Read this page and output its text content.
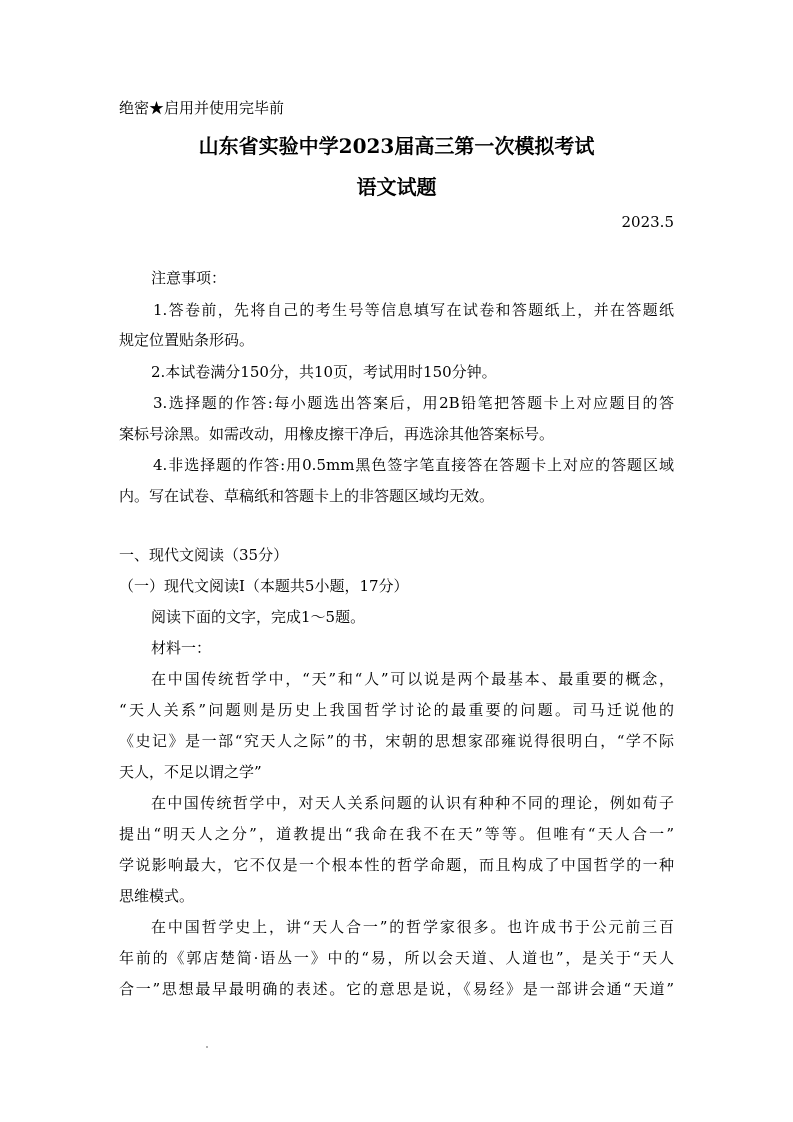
绝密★启用并使用完毕前
山东省实验中学2023届高三第一次模拟考试
语文试题
2023.5
注意事项：
1.答卷前，先将自己的考生号等信息填写在试卷和答题纸上，并在答题纸
规定位置贴条形码。
2.本试卷满分150分，共10页，考试用时150分钟。
3.选择题的作答:每小题选出答案后，用2B铅笔把答题卡上对应题目的答
案标号涂黑。如需改动，用橡皮擦干净后，再选涂其他答案标号。
4.非选择题的作答:用0.5mm黑色签字笔直接答在答题卡上对应的答题区域
内。写在试卷、草稿纸和答题卡上的非答题区域均无效。
一、现代文阅读（35分）
（一）现代文阅读Ⅰ（本题共5小题，17分）
阅读下面的文字，完成1～5题。
材料一：
在中国传统哲学中，“天”和“人”可以说是两个最基本、最重要的概念，
“天人关系”问题则是历史上我国哲学讨论的最重要的问题。司马迁说他的
《史记》是一部“究天人之际”的书，宋朝的思想家邵雍说得很明白，“学不际
天人，不足以谓之学”
在中国传统哲学中，对天人关系问题的认识有种种不同的理论，例如荀子
提出“明天人之分”，道教提出“我命在我不在天”等等。但唯有“天人合一”
学说影响最大，它不仅是一个根本性的哲学命题，而且构成了中国哲学的一种
思维模式。
在中国哲学史上，讲“天人合一”的哲学家很多。也许成书于公元前三百
年前的《郭店楚简·语丛一》中的“易，所以会天道、人道也”，是关于“天人
合一”思想最早最明确的表述。它的意思是说，《易经》是一部讲会通“天道”
